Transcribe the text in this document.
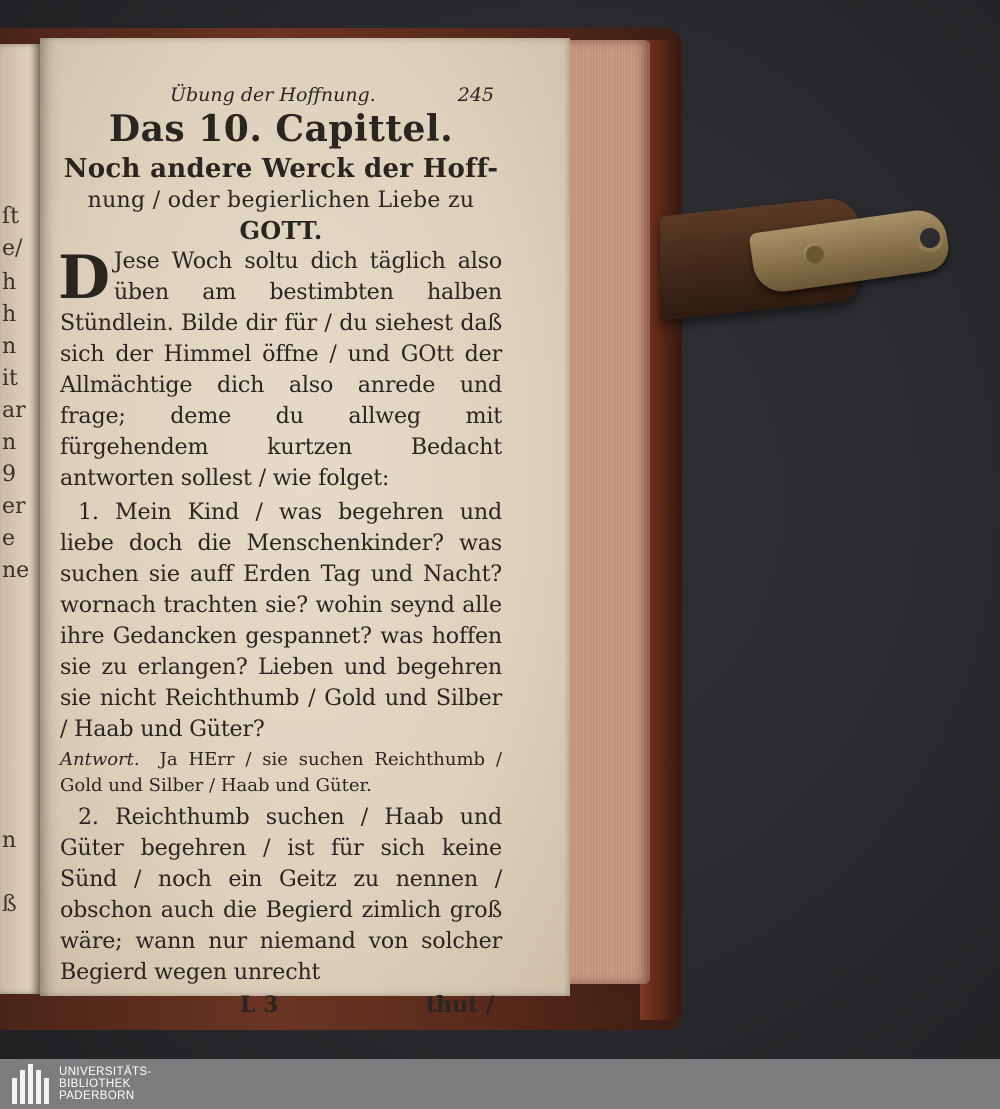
ſt
e/
h
h
n
it
ar
n
9
er
e
ne
n
ß
Übung der Hoffnung.	245
Das 10. Capittel.
Noch andere Werck der Hoff-
nung / oder begierlichen Liebe zu
GOTT.

D Jese Woch soltu dich täglich also üben am bestimbten halben Stündlein. Bilde dir für / du siehest daß sich der Himmel öffne / und GOtt der Allmächtige dich also anrede und frage; deme du allweg mit fürgehendem kurtzen Bedacht antworten sollest / wie folget:

1. Mein Kind / was begehren und liebe doch die Menschenkinder? was suchen sie auff Erden Tag und Nacht? wornach trachten sie? wohin seynd alle ihre Gedancken gespannet? was hoffen sie zu erlangen? Lieben und begehren sie nicht Reichthumb / Gold und Silber / Haab und Güter?

Antwort. Ja HErr / sie suchen Reichthumb / Gold und Silber / Haab und Güter.

2. Reichthumb suchen / Haab und Güter begehren / ist für sich keine Sünd / noch ein Geitz zu nennen / obschon auch die Begierd zimlich groß wäre; wann nur niemand von solcher Begierd wegen unrecht

L 3	thut /
UNIVERSITÄTS-
BIBLIOTHEK
PADERBORN
